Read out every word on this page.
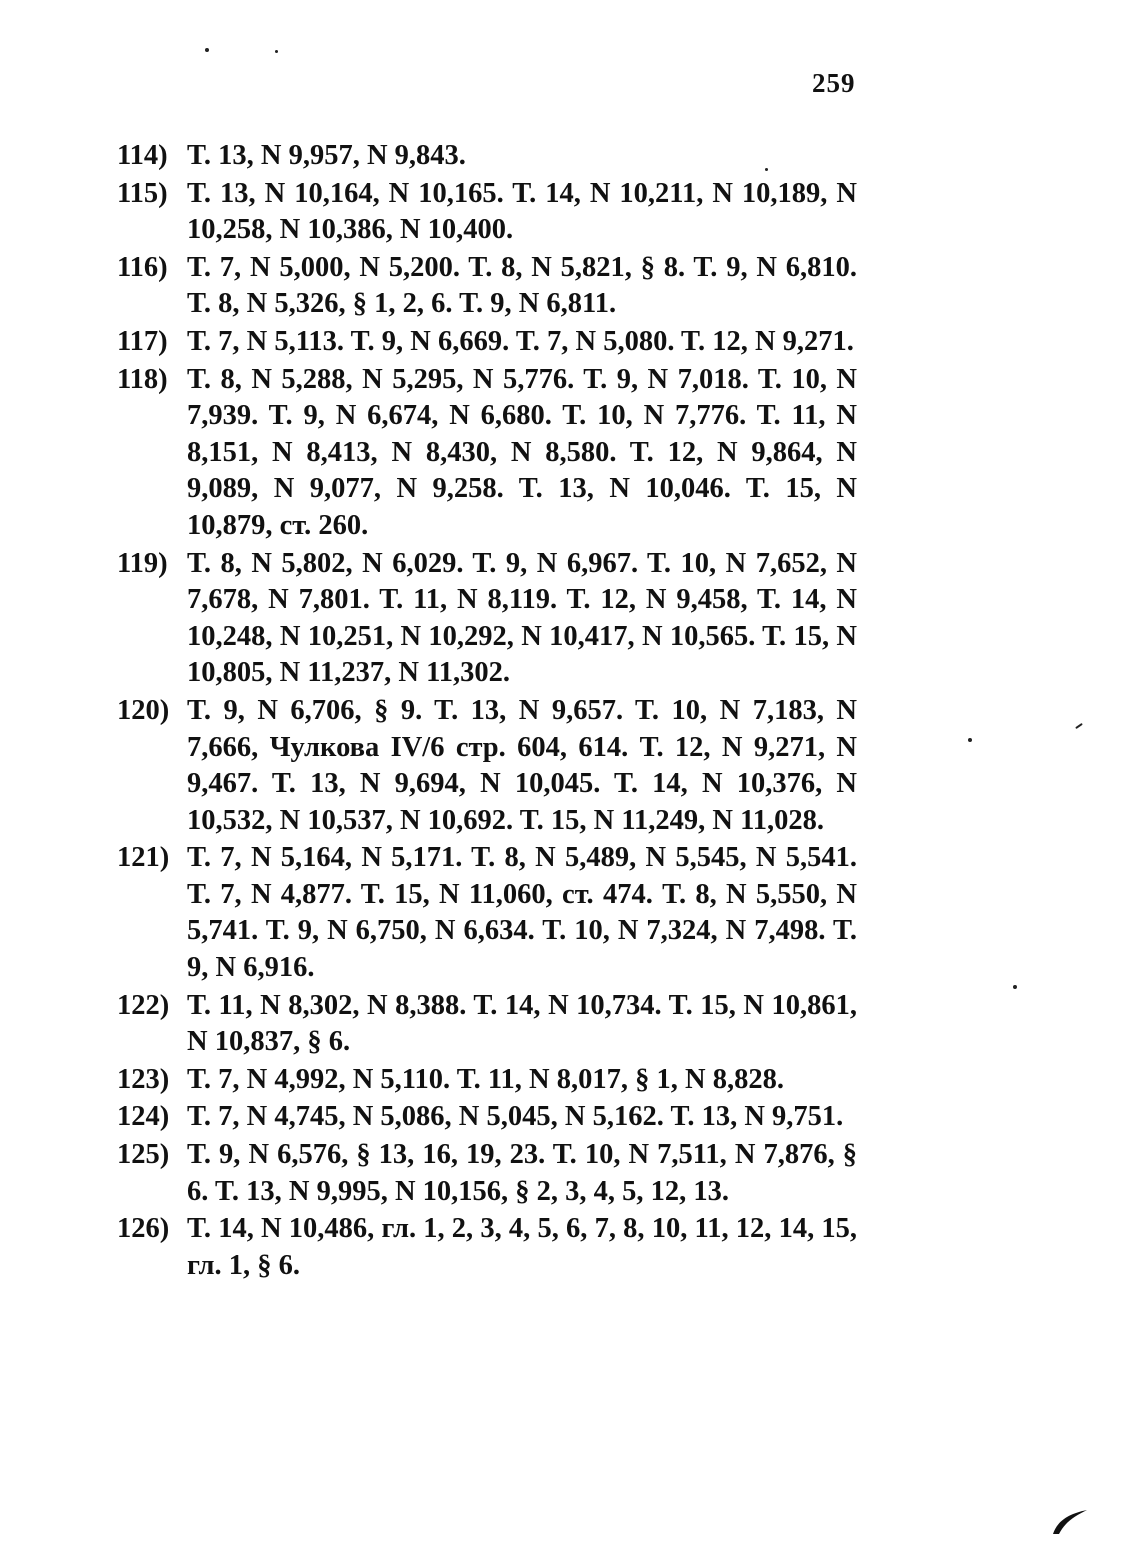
259
114) T. 13, N 9,957, N 9,843.
115) T. 13, N 10,164, N 10,165. T. 14, N 10,211, N 10,189, N 10,258, N 10,386, N 10,400.
116) T. 7, N 5,000, N 5,200. T. 8, N 5,821, § 8. T. 9, N 6,810. T. 8, N 5,326, § 1, 2, 6. T. 9, N 6,811.
117) T. 7, N 5,113. T. 9, N 6,669. T. 7, N 5,080. T. 12, N 9,271.
118) T. 8, N 5,288, N 5,295, N 5,776. T. 9, N 7,018. T. 10, N 7,939. T. 9, N 6,674, N 6,680. T. 10, N 7,776. T. 11, N 8,151, N 8,413, N 8,430, N 8,580. T. 12, N 9,864, N 9,089, N 9,077, N 9,258. T. 13, N 10,046. T. 15, N 10,879, ст. 260.
119) T. 8, N 5,802, N 6,029. T. 9, N 6,967. T. 10, N 7,652, N 7,678, N 7,801. T. 11, N 8,119. T. 12, N 9,458, T. 14, N 10,248, N 10,251, N 10,292, N 10,417, N 10,565. T. 15, N 10,805, N 11,237, N 11,302.
120) T. 9, N 6,706, § 9. T. 13, N 9,657. T. 10, N 7,183, N 7,666, Чулкова IV/6 стр. 604, 614. T. 12, N 9,271, N 9,467. T. 13, N 9,694, N 10,045. T. 14, N 10,376, N 10,532, N 10,537, N 10,692. T. 15, N 11,249, N 11,028.
121) T. 7, N 5,164, N 5,171. T. 8, N 5,489, N 5,545, N 5,541. T. 7, N 4,877. T. 15, N 11,060, ст. 474. T. 8, N 5,550, N 5,741. T. 9, N 6,750, N 6,634. T. 10, N 7,324, N 7,498. T. 9, N 6,916.
122) T. 11, N 8,302, N 8,388. T. 14, N 10,734. T. 15, N 10,861, N 10,837, § 6.
123) T. 7, N 4,992, N 5,110. T. 11, N 8,017, § 1, N 8,828.
124) T. 7, N 4,745, N 5,086, N 5,045, N 5,162. T. 13, N 9,751.
125) T. 9, N 6,576, § 13, 16, 19, 23. T. 10, N 7,511, N 7,876, § 6. T. 13, N 9,995, N 10,156, § 2, 3, 4, 5, 12, 13.
126) T. 14, N 10,486, гл. 1, 2, 3, 4, 5, 6, 7, 8, 10, 11, 12, 14, 15, гл. 1, § 6.
